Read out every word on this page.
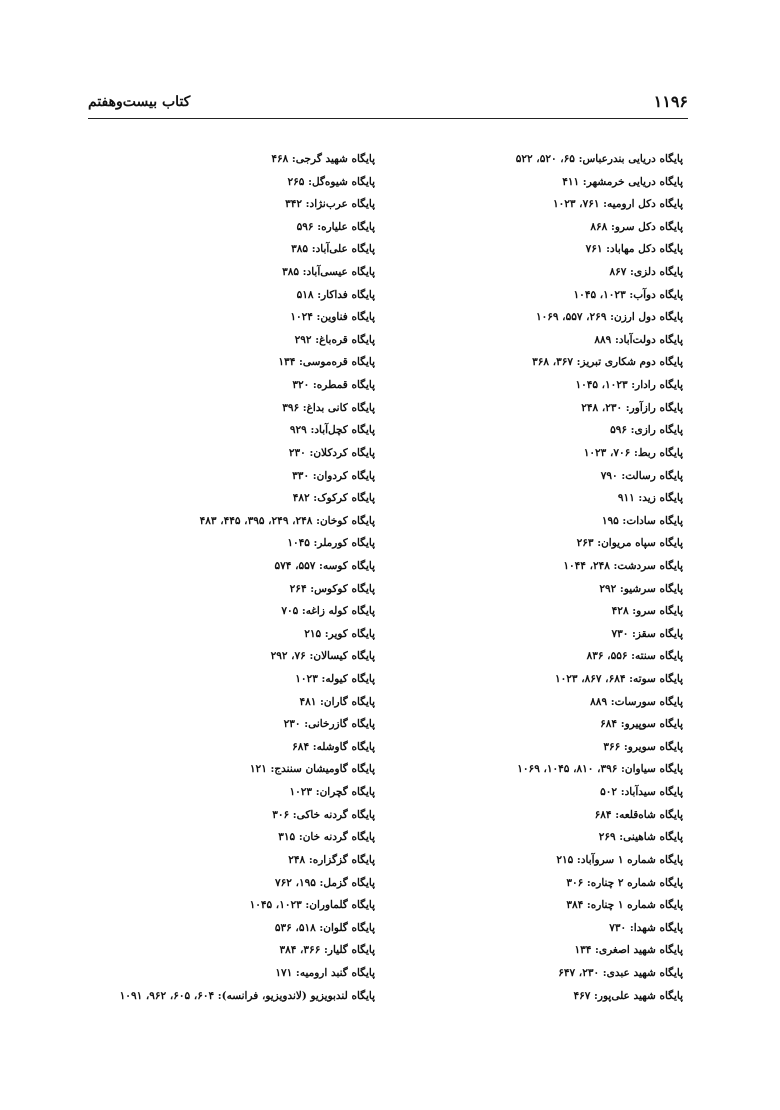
۱۱۹۶
کتاب بیست‌وهفتم
پایگاه دریایی بندرعباس: ۶۵، ۵۲۰، ۵۲۲
پایگاه دریایی خرمشهر: ۴۱۱
پایگاه دکل ارومیه: ۷۶۱، ۱۰۲۳
پایگاه دکل سرو: ۸۶۸
پایگاه دکل مهاباد: ۷۶۱
پایگاه دلزی: ۸۶۷
پایگاه دوآب: ۱۰۲۳، ۱۰۴۵
پایگاه دول ارزن: ۲۶۹، ۵۵۷، ۱۰۶۹
پایگاه دولت‌آباد: ۸۸۹
پایگاه دوم شکاری تبریز: ۳۶۷، ۳۶۸
پایگاه رادار: ۱۰۲۳، ۱۰۴۵
پایگاه رازآور: ۲۳۰، ۲۴۸
پایگاه رازی: ۵۹۶
پایگاه ربط: ۷۰۶، ۱۰۲۳
پایگاه رسالت: ۷۹۰
پایگاه زید: ۹۱۱
پایگاه سادات: ۱۹۵
پایگاه سپاه مریوان: ۲۶۳
پایگاه سردشت: ۲۴۸، ۱۰۴۴
پایگاه سرشیو: ۲۹۲
پایگاه سرو: ۴۲۸
پایگاه سقز: ۷۳۰
پایگاه سنته: ۵۵۶، ۸۳۶
پایگاه سوته: ۶۸۴، ۸۶۷، ۱۰۲۳
پایگاه سورسات: ۸۸۹
پایگاه سوپیرو: ۶۸۴
پایگاه سویرو: ۳۶۶
پایگاه سیاوان: ۳۹۶، ۸۱۰، ۱۰۴۵، ۱۰۶۹
پایگاه سیدآباد: ۵۰۲
پایگاه شاه‌قلعه: ۶۸۴
پایگاه شاهینی: ۲۶۹
پایگاه شماره ۱ سروآباد: ۲۱۵
پایگاه شماره ۲ چناره: ۳۰۶
پایگاه شماره ۱ چناره: ۳۸۴
پایگاه شهدا: ۷۳۰
پایگاه شهید اصغری: ۱۳۴
پایگاه شهید عبدی: ۲۳۰، ۶۴۷
پایگاه شهید علی‌پور: ۴۶۷
پایگاه شهید گرجی: ۴۶۸
پایگاه شیوه‌گل: ۲۶۵
پایگاه عرب‌نژاد: ۳۴۲
پایگاه علیاره: ۵۹۶
پایگاه علی‌آباد: ۳۸۵
پایگاه عیسی‌آباد: ۳۸۵
پایگاه فداکار: ۵۱۸
پایگاه فناوین: ۱۰۲۴
پایگاه قره‌باغ: ۲۹۲
پایگاه قره‌موسی: ۱۳۴
پایگاه قمطره: ۳۲۰
پایگاه کانی بداغ: ۳۹۶
پایگاه کچل‌آباد: ۹۲۹
پایگاه کردکلان: ۲۳۰
پایگاه کردوان: ۳۳۰
پایگاه کرکوک: ۴۸۲
پایگاه کوخان: ۲۴۸، ۲۴۹، ۳۹۵، ۴۴۵، ۴۸۳
پایگاه کورملر: ۱۰۴۵
پایگاه کوسه: ۵۵۷، ۵۷۴
پایگاه کوکوس: ۲۶۴
پایگاه کوله زاغه: ۷۰۵
پایگاه کویر: ۲۱۵
پایگاه کیسالان: ۷۶، ۲۹۲
پایگاه کیوله: ۱۰۲۳
پایگاه گاران: ۴۸۱
پایگاه گازرخانی: ۲۳۰
پایگاه گاوشله: ۶۸۴
پایگاه گاومیشان سنندج: ۱۲۱
پایگاه گچران: ۱۰۲۳
پایگاه گردنه خاکی: ۳۰۶
پایگاه گردنه خان: ۳۱۵
پایگاه گزگزاره: ۲۴۸
پایگاه گزمل: ۱۹۵، ۷۶۲
پایگاه گلماوران: ۱۰۲۳، ۱۰۴۵
پایگاه گلوان: ۵۱۸، ۵۳۶
پایگاه گلیار: ۳۶۶، ۳۸۴
پایگاه گنبد ارومیه: ۱۷۱
پایگاه لندبویزیو (لاندویزیو، فرانسه): ۶۰۴، ۶۰۵، ۹۶۲، ۱۰۹۱
